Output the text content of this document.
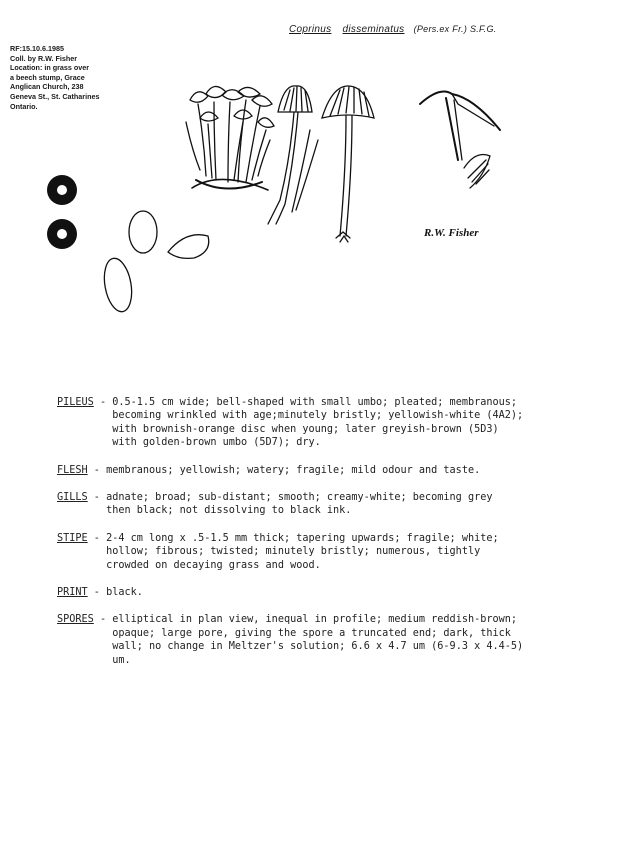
Coprinus disseminatus (Pers.ex Fr.) S.F.G.
RF:15.10.6.1985
Coll. by R.W. Fisher
Location: in grass over
a beech stump, Grace
Anglican Church, 238
Geneva St., St. Catharines
Ontario.
R.W. Fisher
PILEUS - 0.5-1.5 cm wide; bell-shaped with small umbo; pleated; membranous;
becoming wrinkled with age;minutely bristly; yellowish-white (4A2);
with brownish-orange disc when young; later greyish-brown (5D3)
with golden-brown umbo (5D7); dry.
FLESH - membranous; yellowish; watery; fragile; mild odour and taste.
GILLS - adnate; broad; sub-distant; smooth; creamy-white; becoming grey
then black; not dissolving to black ink.
STIPE - 2-4 cm long x .5-1.5 mm thick; tapering upwards; fragile; white;
hollow; fibrous; twisted; minutely bristly; numerous, tightly
crowded on decaying grass and wood.
PRINT - black.
SPORES - elliptical in plan view, inequal in profile; medium reddish-brown;
opaque; large pore, giving the spore a truncated end; dark, thick
wall; no change in Meltzer's solution; 6.6 x 4.7 um (6-9.3 x 4.4-5)
um.
